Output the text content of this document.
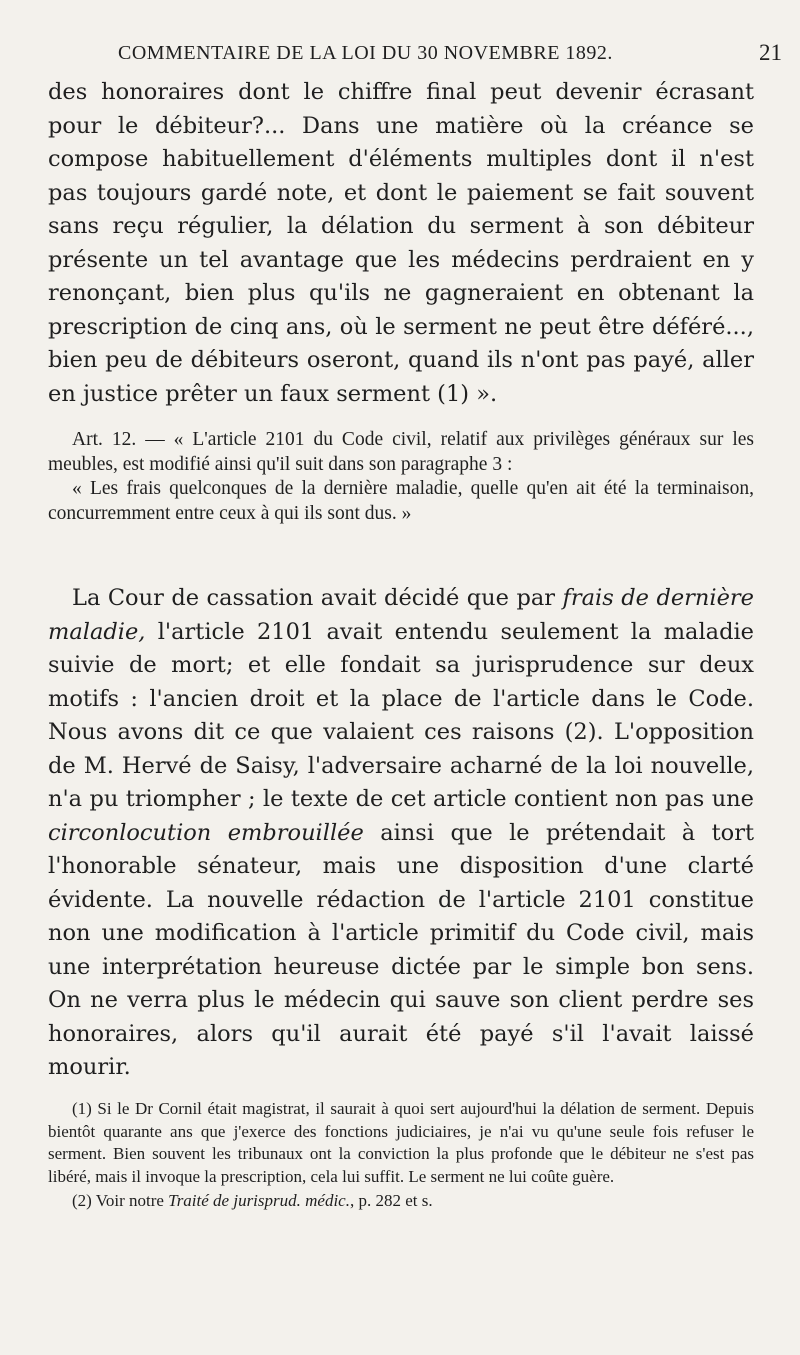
COMMENTAIRE DE LA LOI DU 30 NOVEMBRE 1892.	21

des honoraires dont le chiffre final peut devenir écrasant pour le débiteur?... Dans une matière où la créance se compose habituellement d'éléments multiples dont il n'est pas toujours gardé note, et dont le paiement se fait souvent sans reçu régulier, la délation du serment à son débiteur présente un tel avantage que les médecins perdraient en y renonçant, bien plus qu'ils ne gagneraient en obtenant la prescription de cinq ans, où le serment ne peut être déféré..., bien peu de débiteurs oseront, quand ils n'ont pas payé, aller en justice prêter un faux serment (1) ».

Art. 12. — « L'article 2101 du Code civil, relatif aux privilèges généraux sur les meubles, est modifié ainsi qu'il suit dans son paragraphe 3 :

« Les frais quelconques de la dernière maladie, quelle qu'en ait été la terminaison, concurremment entre ceux à qui ils sont dus. »

La Cour de cassation avait décidé que par frais de dernière maladie, l'article 2101 avait entendu seulement la maladie suivie de mort; et elle fondait sa jurisprudence sur deux motifs : l'ancien droit et la place de l'article dans le Code. Nous avons dit ce que valaient ces raisons (2). L'opposition de M. Hervé de Saisy, l'adversaire acharné de la loi nouvelle, n'a pu triompher ; le texte de cet article contient non pas une circonlocution embrouillée ainsi que le prétendait à tort l'honorable sénateur, mais une disposition d'une clarté évidente. La nouvelle rédaction de l'article 2101 constitue non une modification à l'article primitif du Code civil, mais une interprétation heureuse dictée par le simple bon sens. On ne verra plus le médecin qui sauve son client perdre ses honoraires, alors qu'il aurait été payé s'il l'avait laissé mourir.

(1) Si le Dr Cornil était magistrat, il saurait à quoi sert aujourd'hui la délation de serment. Depuis bientôt quarante ans que j'exerce des fonctions judiciaires, je n'ai vu qu'une seule fois refuser le serment. Bien souvent les tribunaux ont la conviction la plus profonde que le débiteur ne s'est pas libéré, mais il invoque la prescription, cela lui suffit. Le serment ne lui coûte guère.

(2) Voir notre Traité de jurisprud. médic., p. 282 et s.
